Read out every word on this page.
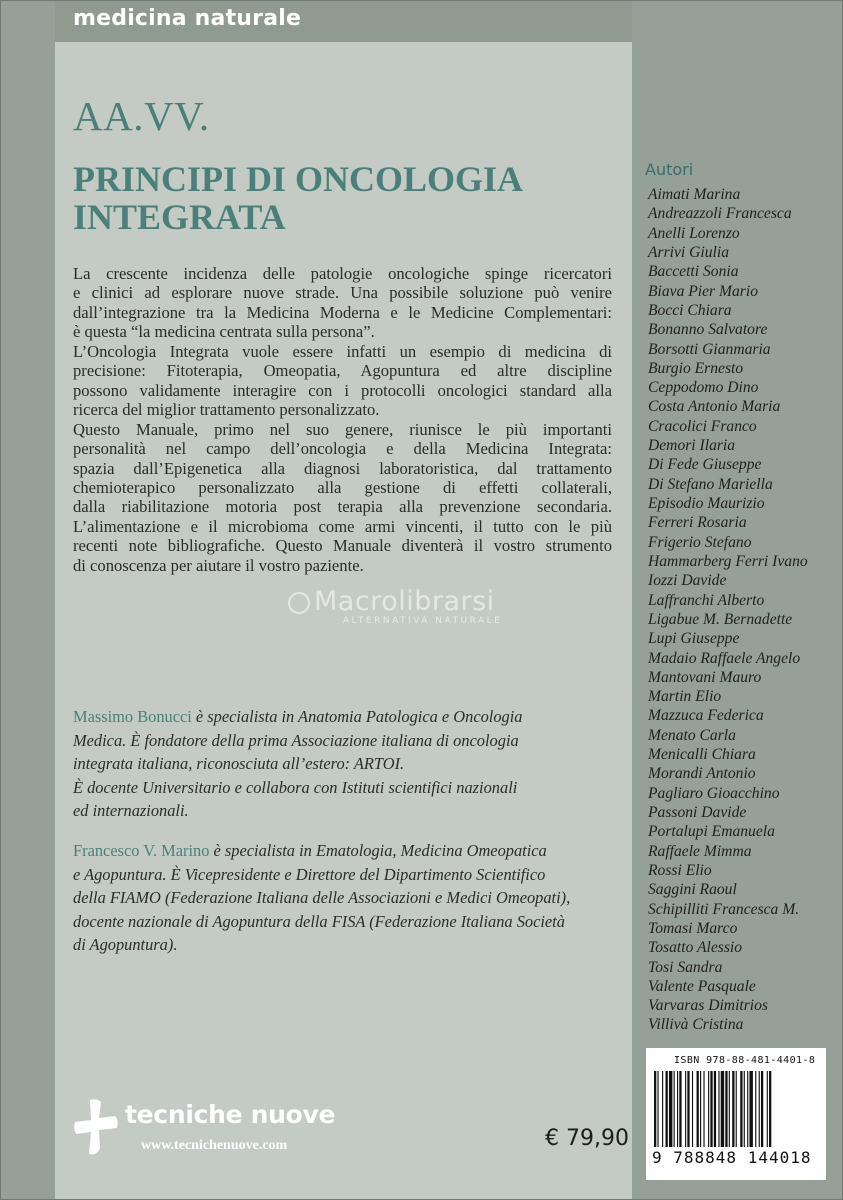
medicina naturale
AA.VV.
PRINCIPI DI ONCOLOGIA
INTEGRATA

La crescente incidenza delle patologie oncologiche spinge ricercatori

e clinici ad esplorare nuove strade. Una possibile soluzione può venire

dall’integrazione tra la Medicina Moderna e le Medicine Complementari:

è questa “la medicina centrata sulla persona”.

L’Oncologia Integrata vuole essere infatti un esempio di medicina di

precisione: Fitoterapia, Omeopatia, Agopuntura ed altre discipline

possono validamente interagire con i protocolli oncologici standard alla

ricerca del miglior trattamento personalizzato.

Questo Manuale, primo nel suo genere, riunisce le più importanti

personalità nel campo dell’oncologia e della Medicina Integrata:

spazia dall’Epigenetica alla diagnosi laboratoristica, dal trattamento

chemioterapico personalizzato alla gestione di effetti collaterali,

dalla riabilitazione motoria post terapia alla prevenzione secondaria.

L’alimentazione e il microbioma come armi vincenti, il tutto con le più

recenti note bibliografiche. Questo Manuale diventerà il vostro strumento

di conoscenza per aiutare il vostro paziente.

Macrolibrarsi
ALTERNATIVA NATURALE
Massimo Bonucci è specialista in Anatomia Patologica e Oncologia
Medica. È fondatore della prima Associazione italiana di oncologia
integrata italiana, riconosciuta all’estero: ARTOI.
È docente Universitario e collabora con Istituti scientifici nazionali
ed internazionali.
Francesco V. Marino è specialista in Ematologia, Medicina Omeopatica
e Agopuntura. È Vicepresidente e Direttore del Dipartimento Scientifico
della FIAMO (Federazione Italiana delle Associazioni e Medici Omeopati),
docente nazionale di Agopuntura della FISA (Federazione Italiana Società
di Agopuntura).
tecniche nuove
www.tecnichenuove.com	€ 79,90
Autori
Aimati Marina
Andreazzoli Francesca
Anelli Lorenzo
Arrivi Giulia
Baccetti Sonia
Biava Pier Mario
Bocci Chiara
Bonanno Salvatore
Borsotti Gianmaria
Burgio Ernesto
Ceppodomo Dino
Costa Antonio Maria
Cracolici Franco
Demori Ilaria
Di Fede Giuseppe
Di Stefano Mariella
Episodio Maurizio
Ferreri Rosaria
Frigerio Stefano
Hammarberg Ferri Ivano
Iozzi Davide
Laffranchi Alberto
Ligabue M. Bernadette
Lupi Giuseppe
Madaio Raffaele Angelo
Mantovani Mauro
Martin Elio
Mazzuca Federica
Menato Carla
Menicalli Chiara
Morandi Antonio
Pagliaro Gioacchino
Passoni Davide
Portalupi Emanuela
Raffaele Mimma
Rossi Elio
Saggini Raoul
Schipilliti Francesca M.
Tomasi Marco
Tosatto Alessio
Tosi Sandra
Valente Pasquale
Varvaras Dimitrios
Villivà Cristina
ISBN 978-88-481-4401-8
9 788848 144018
